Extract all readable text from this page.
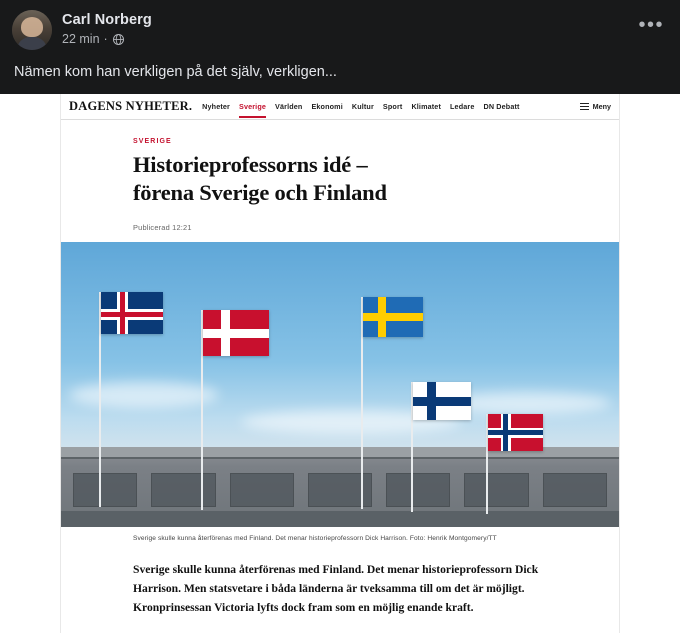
Carl Norberg
22 min ·
•••
Nämen kom han verkligen på det själv, verkligen...
DAGENS NYHETER.	Nyheter Sverige Världen Ekonomi Kultur Sport Klimatet Ledare DN Debatt	Meny
SVERIGE
Historieprofessorns idé –
förena Sverige och Finland
Publicerad 12:21
Sverige skulle kunna återförenas med Finland. Det menar historieprofessorn Dick Harrison. Foto: Henrik Montgomery/TT
Sverige skulle kunna återförenas med Finland. Det menar historieprofessorn Dick Harrison. Men statsvetare i båda länderna är tveksamma till om det är möjligt. Kronprinsessan Victoria lyfts dock fram som en möjlig enande kraft.
